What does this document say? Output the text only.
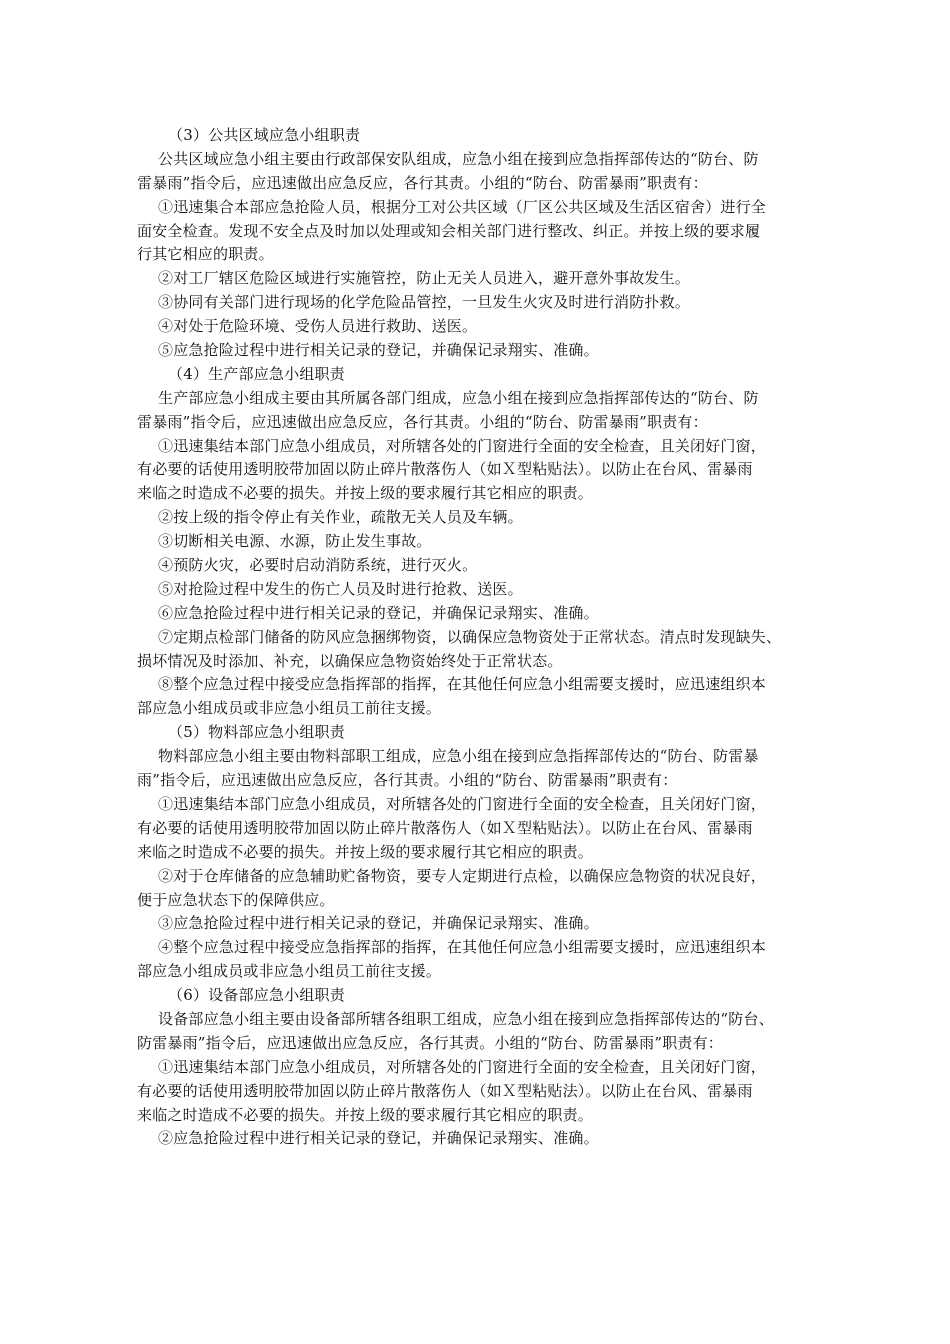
（3）公共区域应急小组职责
公共区域应急小组主要由行政部保安队组成，应急小组在接到应急指挥部传达的“防台、防
雷暴雨”指令后，应迅速做出应急反应，各行其责。小组的“防台、防雷暴雨”职责有：
①迅速集合本部应急抢险人员，根据分工对公共区域（厂区公共区域及生活区宿舍）进行全
面安全检查。发现不安全点及时加以处理或知会相关部门进行整改、纠正。并按上级的要求履
行其它相应的职责。
②对工厂辖区危险区域进行实施管控，防止无关人员进入，避开意外事故发生。
③协同有关部门进行现场的化学危险品管控，一旦发生火灾及时进行消防扑救。
④对处于危险环境、受伤人员进行救助、送医。
⑤应急抢险过程中进行相关记录的登记，并确保记录翔实、准确。
（4）生产部应急小组职责
生产部应急小组成主要由其所属各部门组成，应急小组在接到应急指挥部传达的“防台、防
雷暴雨”指令后，应迅速做出应急反应，各行其责。小组的“防台、防雷暴雨”职责有：
①迅速集结本部门应急小组成员，对所辖各处的门窗进行全面的安全检查，且关闭好门窗，
有必要的话使用透明胶带加固以防止碎片散落伤人（如Ｘ型粘贴法）。以防止在台风、雷暴雨
来临之时造成不必要的损失。并按上级的要求履行其它相应的职责。
②按上级的指令停止有关作业，疏散无关人员及车辆。
③切断相关电源、水源，防止发生事故。
④预防火灾，必要时启动消防系统，进行灭火。
⑤对抢险过程中发生的伤亡人员及时进行抢救、送医。
⑥应急抢险过程中进行相关记录的登记，并确保记录翔实、准确。
⑦定期点检部门储备的防风应急捆绑物资，以确保应急物资处于正常状态。清点时发现缺失、
损坏情况及时添加、补充，以确保应急物资始终处于正常状态。
⑧整个应急过程中接受应急指挥部的指挥，在其他任何应急小组需要支援时，应迅速组织本
部应急小组成员或非应急小组员工前往支援。
（5）物料部应急小组职责
物料部应急小组主要由物料部职工组成，应急小组在接到应急指挥部传达的“防台、防雷暴
雨”指令后，应迅速做出应急反应，各行其责。小组的“防台、防雷暴雨”职责有：
①迅速集结本部门应急小组成员，对所辖各处的门窗进行全面的安全检查，且关闭好门窗，
有必要的话使用透明胶带加固以防止碎片散落伤人（如Ｘ型粘贴法）。以防止在台风、雷暴雨
来临之时造成不必要的损失。并按上级的要求履行其它相应的职责。
②对于仓库储备的应急辅助贮备物资，要专人定期进行点检，以确保应急物资的状况良好，
便于应急状态下的保障供应。
③应急抢险过程中进行相关记录的登记，并确保记录翔实、准确。
④整个应急过程中接受应急指挥部的指挥，在其他任何应急小组需要支援时，应迅速组织本
部应急小组成员或非应急小组员工前往支援。
（6）设备部应急小组职责
设备部应急小组主要由设备部所辖各组职工组成，应急小组在接到应急指挥部传达的“防台、
防雷暴雨”指令后，应迅速做出应急反应，各行其责。小组的“防台、防雷暴雨”职责有：
①迅速集结本部门应急小组成员，对所辖各处的门窗进行全面的安全检查，且关闭好门窗，
有必要的话使用透明胶带加固以防止碎片散落伤人（如Ｘ型粘贴法）。以防止在台风、雷暴雨
来临之时造成不必要的损失。并按上级的要求履行其它相应的职责。
②应急抢险过程中进行相关记录的登记，并确保记录翔实、准确。
